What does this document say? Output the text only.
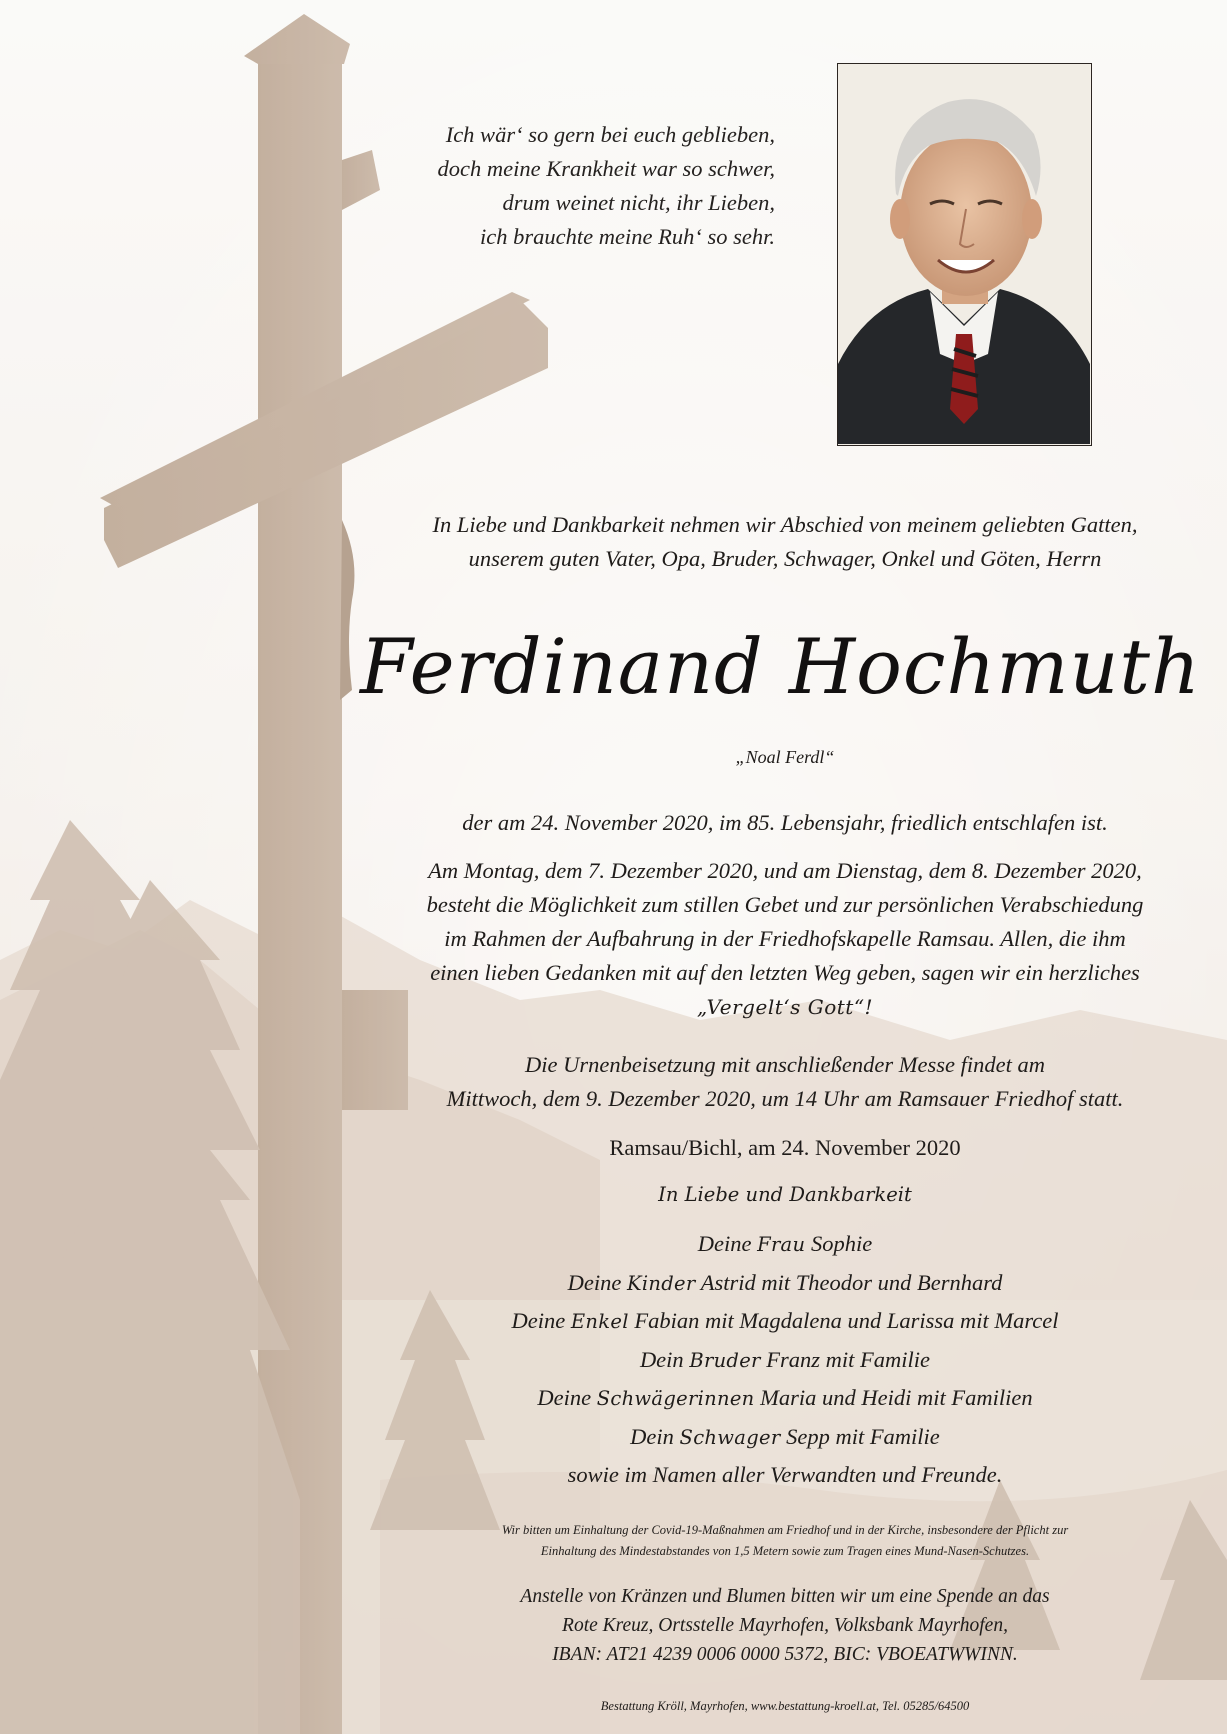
Ich wär‘ so gern bei euch geblieben,
doch meine Krankheit war so schwer,
drum weinet nicht, ihr Lieben,
ich brauchte meine Ruh‘ so sehr.
In Liebe und Dankbarkeit nehmen wir Abschied von meinem geliebten Gatten,
unserem guten Vater, Opa, Bruder, Schwager, Onkel und Göten, Herrn
Ferdinand Hochmuth
„Noal Ferdl“
der am 24. November 2020, im 85. Lebensjahr, friedlich entschlafen ist.
Am Montag, dem 7. Dezember 2020, und am Dienstag, dem 8. Dezember 2020,
besteht die Möglichkeit zum stillen Gebet und zur persönlichen Verabschiedung
im Rahmen der Aufbahrung in der Friedhofskapelle Ramsau. Allen, die ihm
einen lieben Gedanken mit auf den letzten Weg geben, sagen wir ein herzliches
„Vergelt‘s Gott“!
Die Urnenbeisetzung mit anschließender Messe findet am
Mittwoch, dem 9. Dezember 2020, um 14 Uhr am Ramsauer Friedhof statt.
Ramsau/Bichl, am 24. November 2020
In Liebe und Dankbarkeit
Deine Frau Sophie
Deine Kinder Astrid mit Theodor und Bernhard
Deine Enkel Fabian mit Magdalena und Larissa mit Marcel
Dein Bruder Franz mit Familie
Deine Schwägerinnen Maria und Heidi mit Familien
Dein Schwager Sepp mit Familie
sowie im Namen aller Verwandten und Freunde.
Wir bitten um Einhaltung der Covid-19-Maßnahmen am Friedhof und in der Kirche, insbesondere der Pflicht zur
Einhaltung des Mindestabstandes von 1,5 Metern sowie zum Tragen eines Mund-Nasen-Schutzes.
Anstelle von Kränzen und Blumen bitten wir um eine Spende an das
Rote Kreuz, Ortsstelle Mayrhofen, Volksbank Mayrhofen,
IBAN: AT21 4239 0006 0000 5372, BIC: VBOEATWWINN.
Bestattung Kröll, Mayrhofen, www.bestattung-kroell.at, Tel. 05285/64500
